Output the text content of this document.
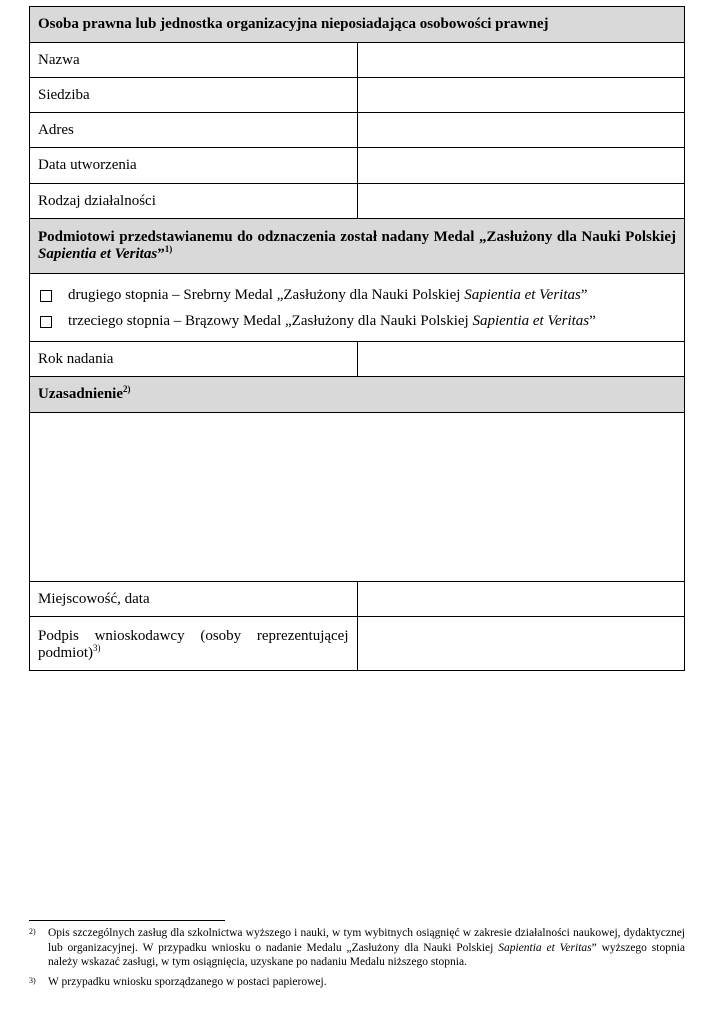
Osoba prawna lub jednostka organizacyjna nieposiadająca osobowości prawnej	
Nazwa	
Siedziba	
Adres	
Data utworzenia	
Rodzaj działalności	
Podmiotowi przedstawianemu do odznaczenia został nadany Medal „Zasłużony dla Nauki Polskiej Sapientia et Veritas”$^{1)}$

drugiego stopnia – Srebrny Medal „Zasłużony dla Nauki Polskiej Sapientia et Veritas”
trzeciego stopnia – Brązowy Medal „Zasłużony dla Nauki Polskiej Sapientia et Veritas”	

Rok nadania	
Uzasadnienie$^{2)}$

Miejscowość, data	
Podpis wnioskodawcy (osoby reprezentującej podmiot)$^{3)}$	
2)	Opis szczególnych zasług dla szkolnictwa wyższego i nauki, w tym wybitnych osiągnięć w zakresie działalności naukowej, dydaktycznej lub organizacyjnej. W przypadku wniosku o nadanie Medalu „Zasłużony dla Nauki Polskiej Sapientia et Veritas” wyższego stopnia należy wskazać zasługi, w tym osiągnięcia, uzyskane po nadaniu Medalu niższego stopnia.
3)	W przypadku wniosku sporządzanego w postaci papierowej.
